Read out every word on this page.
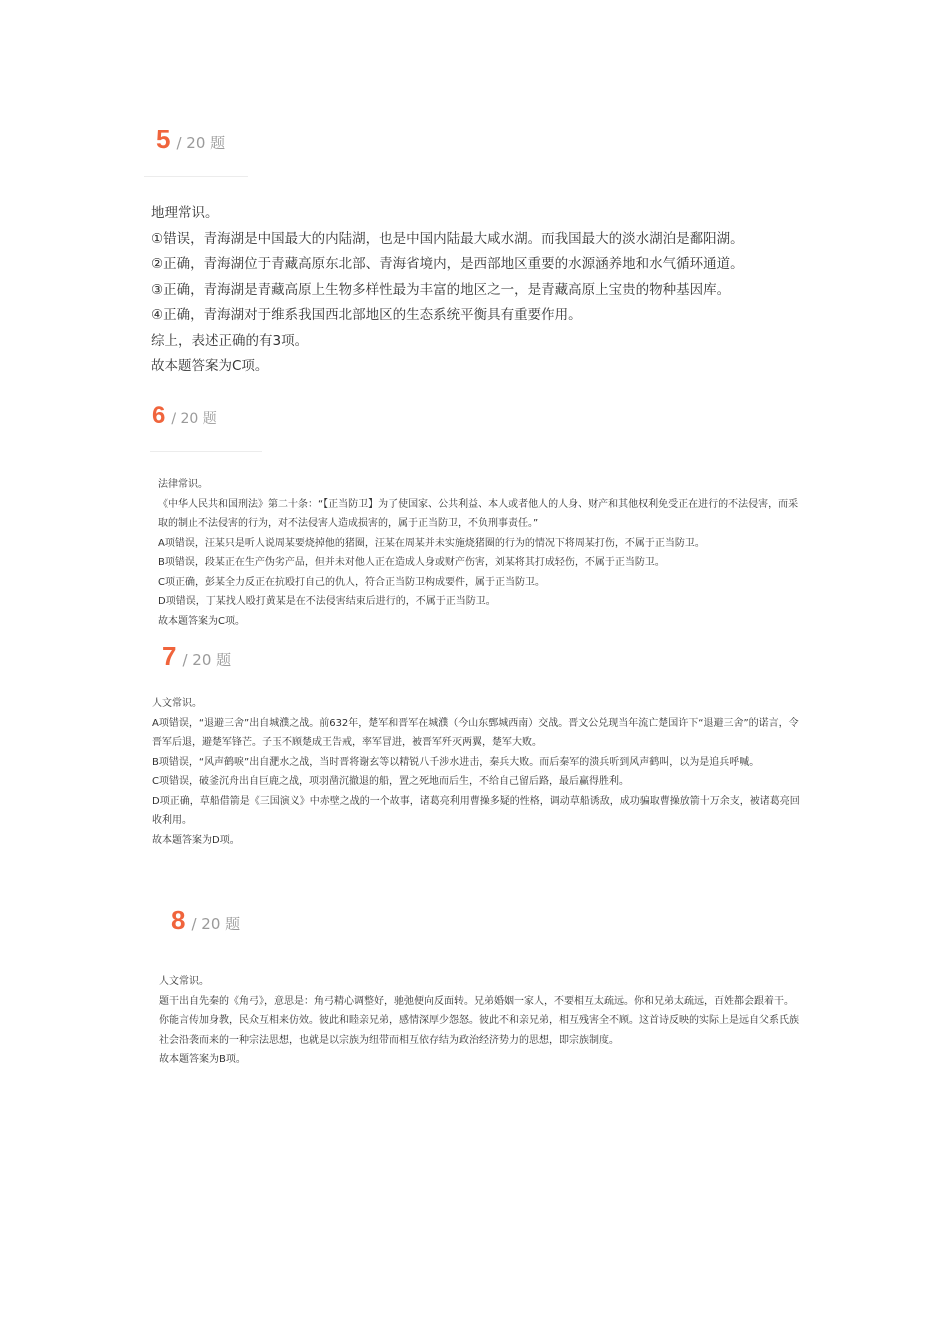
5 / 20 题
地理常识。
①错误，青海湖是中国最大的内陆湖，也是中国内陆最大咸水湖。而我国最大的淡水湖泊是鄱阳湖。
②正确，青海湖位于青藏高原东北部、青海省境内，是西部地区重要的水源涵养地和水气循环通道。
③正确，青海湖是青藏高原上生物多样性最为丰富的地区之一，是青藏高原上宝贵的物种基因库。
④正确，青海湖对于维系我国西北部地区的生态系统平衡具有重要作用。
综上，表述正确的有3项。
故本题答案为C项。
6 / 20 题
法律常识。
《中华人民共和国刑法》第二十条：“【正当防卫】为了使国家、公共利益、本人或者他人的人身、财产和其他权利免受正在进行的不法侵害，而采取的制止不法侵害的行为，对不法侵害人造成损害的，属于正当防卫，不负刑事责任。”
A项错误，汪某只是听人说周某要烧掉他的猪圈，汪某在周某并未实施烧猪圈的行为的情况下将周某打伤，不属于正当防卫。
B项错误，段某正在生产伪劣产品，但并未对他人正在造成人身或财产伤害，刘某将其打成轻伤，不属于正当防卫。
C项正确，彭某全力反正在抗殴打自己的仇人，符合正当防卫构成要件，属于正当防卫。
D项错误，丁某找人殴打黄某是在不法侵害结束后进行的，不属于正当防卫。
故本题答案为C项。
7 / 20 题
人文常识。
A项错误，“退避三舍”出自城濮之战。前632年，楚军和晋军在城濮（今山东鄄城西南）交战。晋文公兑现当年流亡楚国许下“退避三舍”的诺言，令晋军后退，避楚军锋芒。子玉不顾楚成王告戒，率军冒进，被晋军歼灭两翼，楚军大败。
B项错误，“风声鹤唳”出自淝水之战，当时晋将谢玄等以精锐八千涉水进击，秦兵大败。而后秦军的溃兵听到风声鹤叫，以为是追兵呼喊。
C项错误，破釜沉舟出自巨鹿之战，项羽凿沉撤退的船，置之死地而后生，不给自己留后路，最后赢得胜利。
D项正确，草船借箭是《三国演义》中赤壁之战的一个故事，诸葛亮利用曹操多疑的性格，调动草船诱敌，成功骗取曹操放箭十万余支，被诸葛亮回收利用。
故本题答案为D项。
8 / 20 题
人文常识。
题干出自先秦的《角弓》，意思是：角弓精心调整好，驰弛便向反面转。兄弟婚姻一家人，不要相互太疏远。你和兄弟太疏远，百姓都会跟着干。你能言传加身教，民众互相来仿效。彼此和睦亲兄弟，感情深厚少怨怒。彼此不和亲兄弟，相互残害全不顾。这首诗反映的实际上是远自父系氏族社会沿袭而来的一种宗法思想，也就是以宗族为纽带而相互依存结为政治经济势力的思想，即宗族制度。
故本题答案为B项。
骍骍角弓，翩其反矣。兄弟婚姻，无胥远矣。尔之远矣，民胥然矣。尔之教矣，民胥效矣。
